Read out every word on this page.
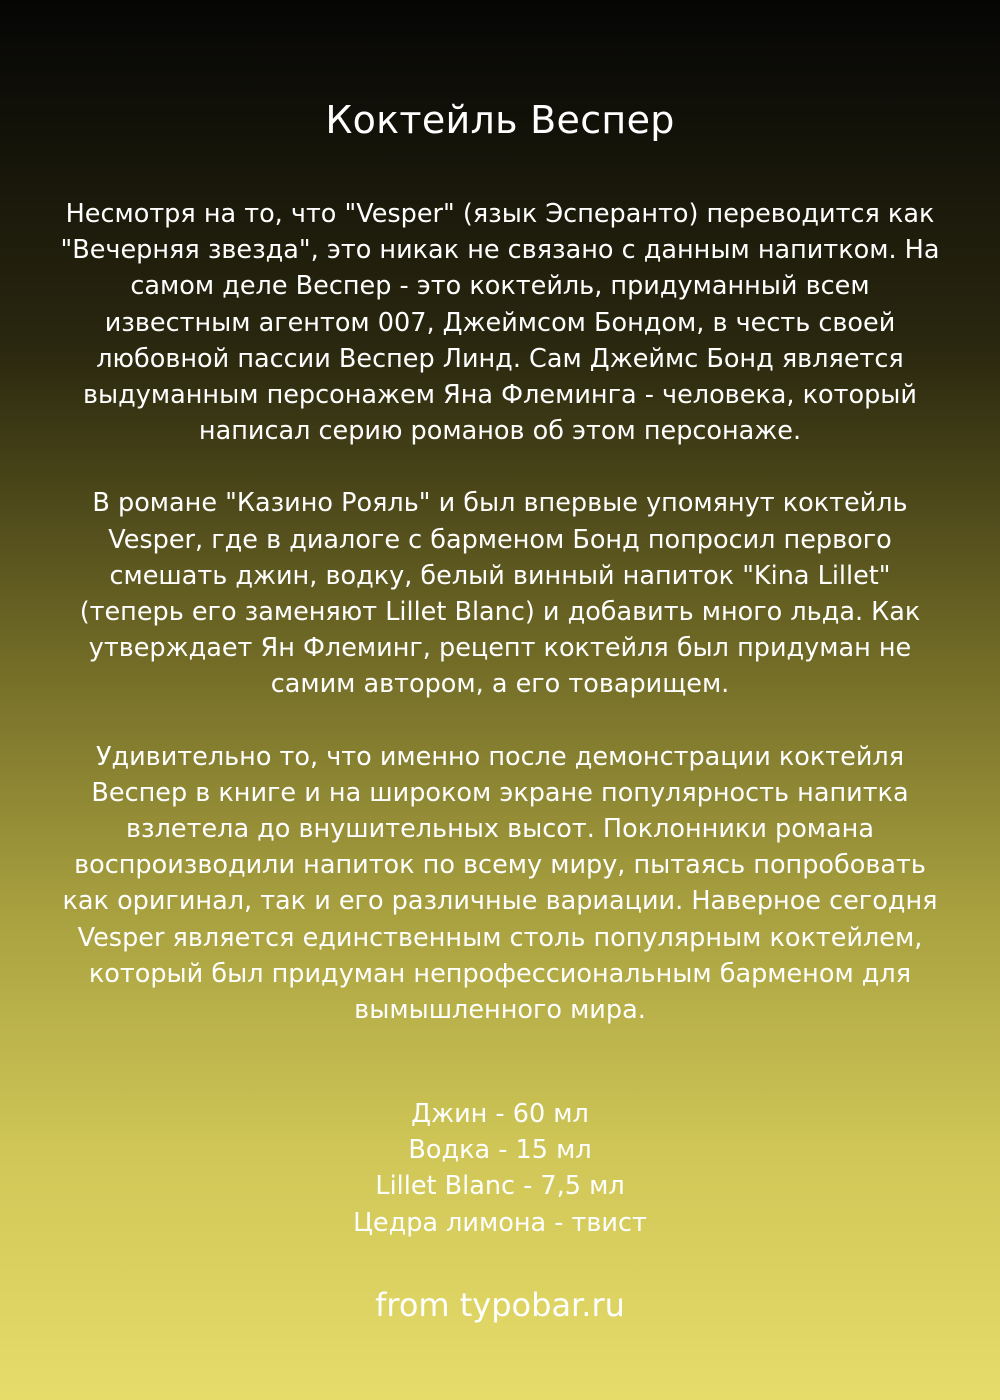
Коктейль Веспер

Несмотря на то, что "Vesper" (язык Эсперанто) переводится как "Вечерняя звезда", это никак не связано с данным напитком. На самом деле Веспер - это коктейль, придуманный всем известным агентом 007, Джеймсом Бондом, в честь своей любовной пассии Веспер Линд. Сам Джеймс Бонд является выдуманным персонажем Яна Флеминга - человека, который написал серию романов об этом персонаже.

В романе "Казино Рояль" и был впервые упомянут коктейль Vesper, где в диалоге с барменом Бонд попросил первого смешать джин, водку, белый винный напиток "Kina Lillet" (теперь его заменяют Lillet Blanc) и добавить много льда. Как утверждает Ян Флеминг, рецепт коктейля был придуман не самим автором, а его товарищем.

Удивительно то, что именно после демонстрации коктейля Веспер в книге и на широком экране популярность напитка взлетела до внушительных высот. Поклонники романа воспроизводили напиток по всему миру, пытаясь попробовать как оригинал, так и его различные вариации. Наверное сегодня Vesper является единственным столь популярным коктейлем, который был придуман непрофессиональным барменом для вымышленного мира.

Джин - 60 мл
Водка - 15 мл
Lillet Blanc - 7,5 мл
Цедра лимона - твист
from typobar.ru
